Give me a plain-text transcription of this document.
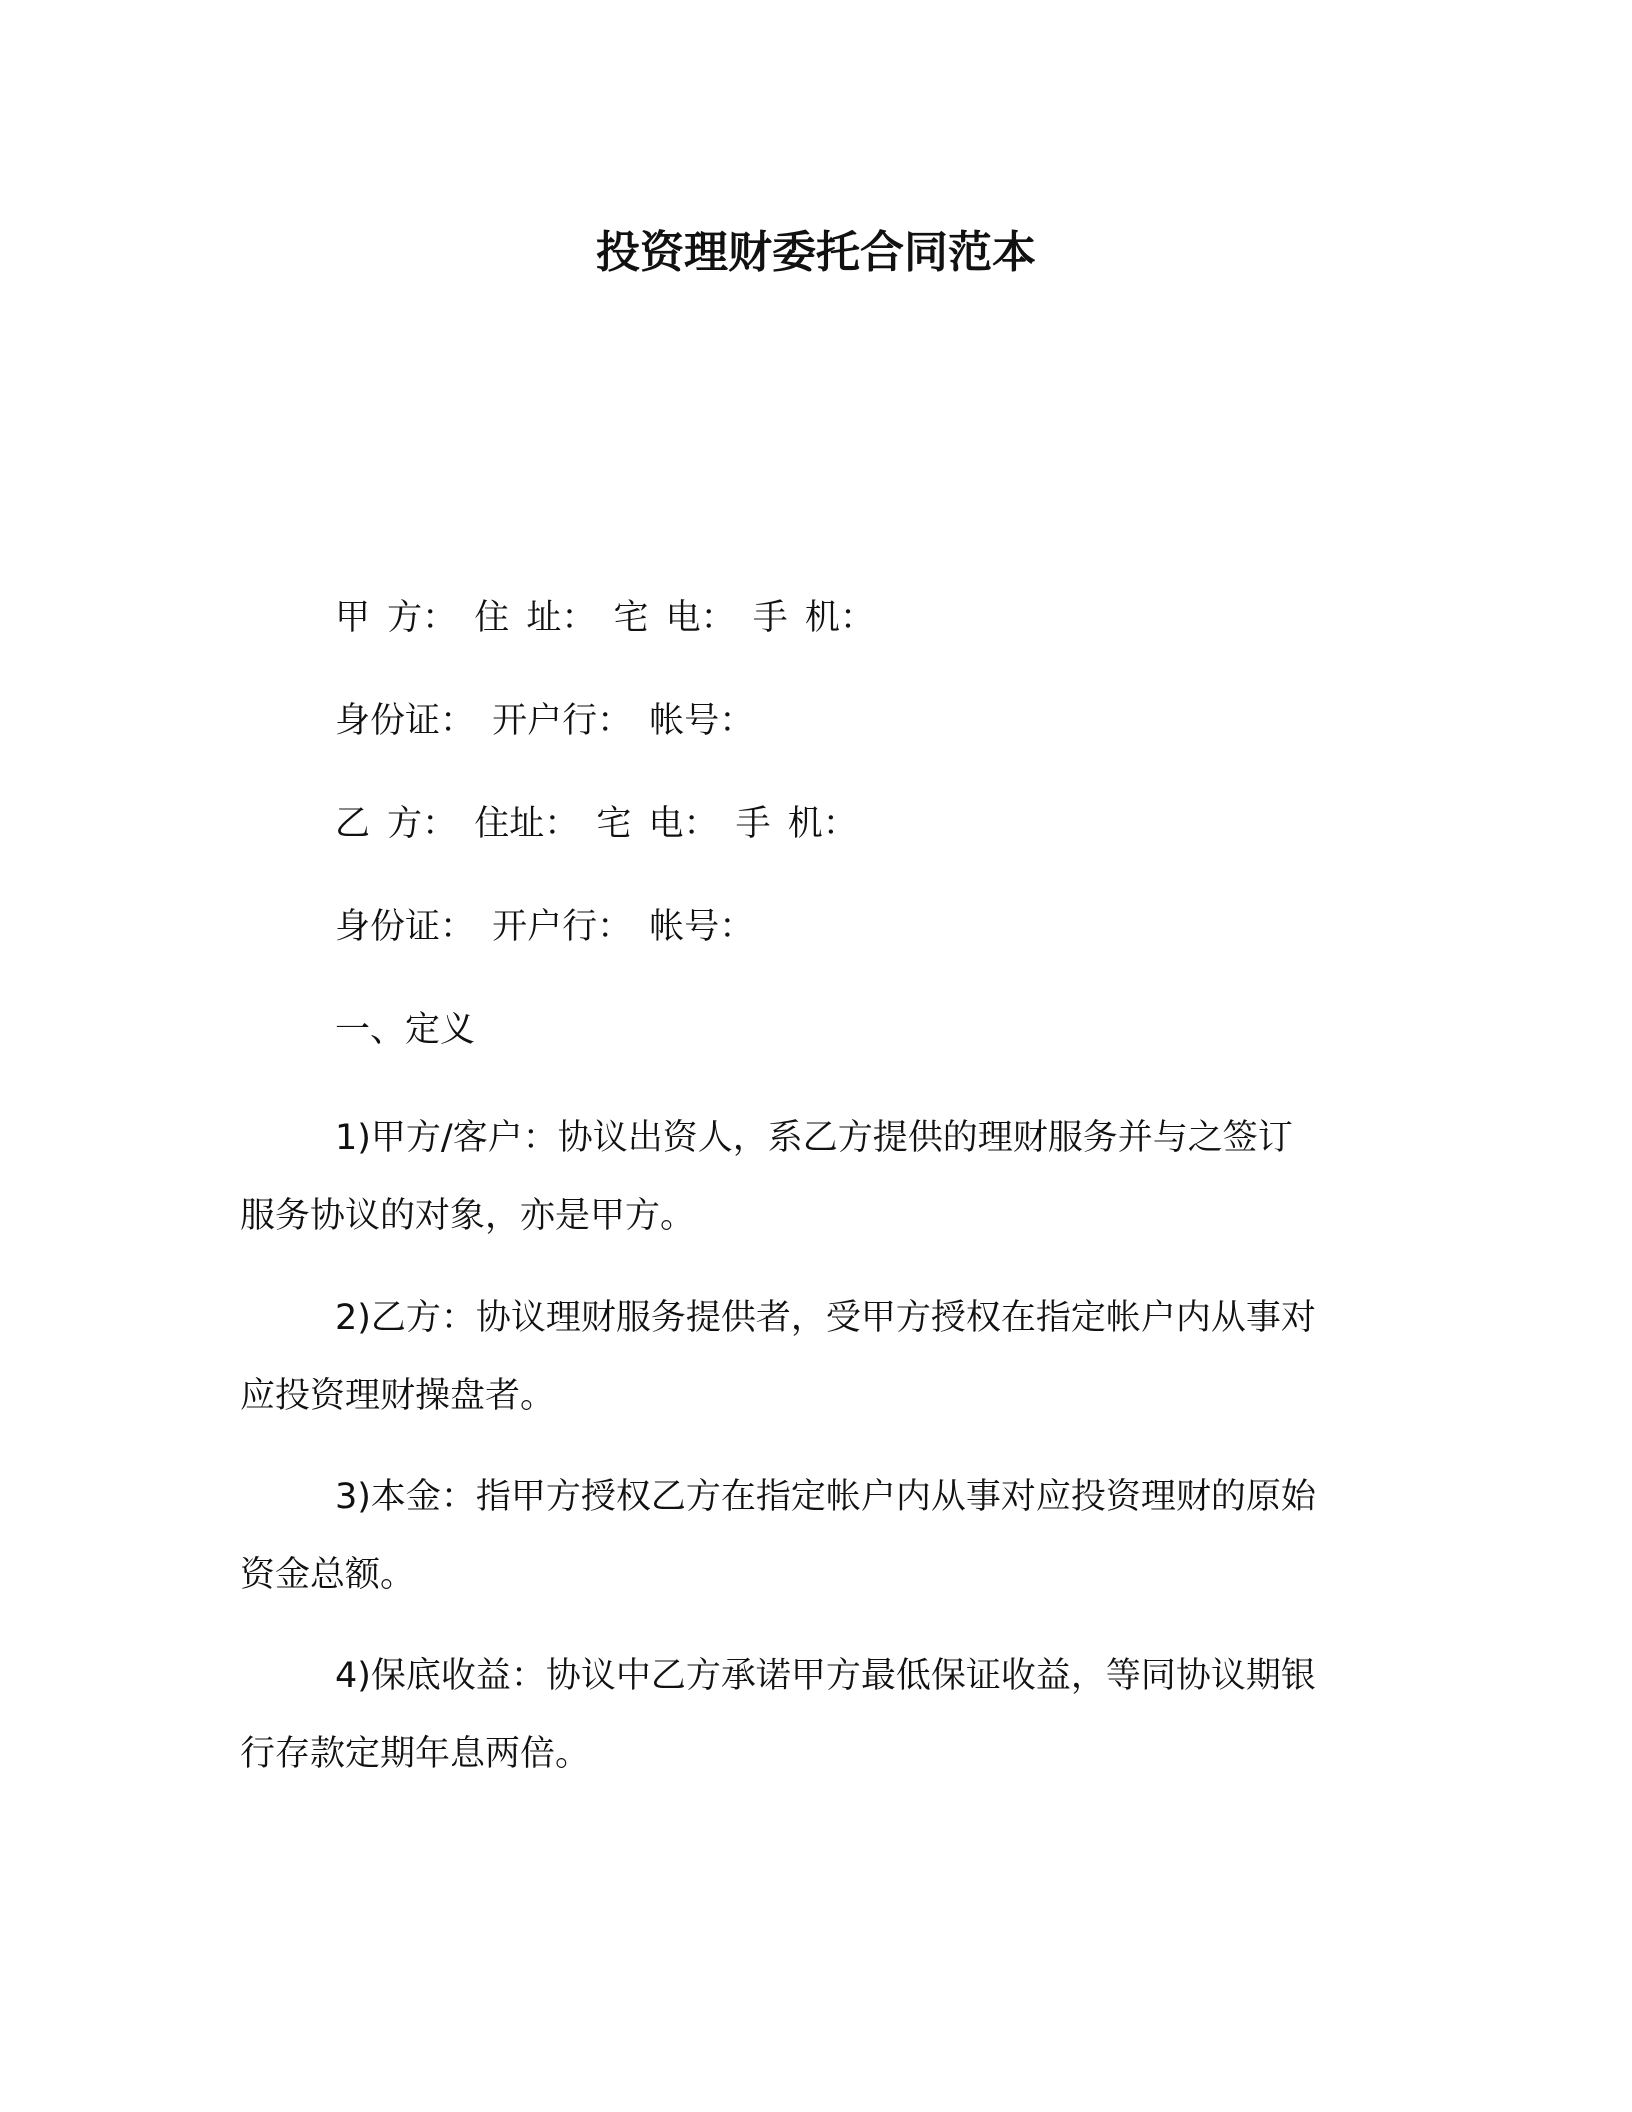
投资理财委托合同范本
甲 方： 住 址： 宅 电： 手 机：
身份证： 开户行： 帐号：
乙 方： 住址： 宅 电： 手 机：
身份证： 开户行： 帐号：
一、定义
1)甲方/客户：协议出资人，系乙方提供的理财服务并与之签订
服务协议的对象，亦是甲方。
2)乙方：协议理财服务提供者，受甲方授权在指定帐户内从事对
应投资理财操盘者。
3)本金：指甲方授权乙方在指定帐户内从事对应投资理财的原始
资金总额。
4)保底收益：协议中乙方承诺甲方最低保证收益，等同协议期银
行存款定期年息两倍。
